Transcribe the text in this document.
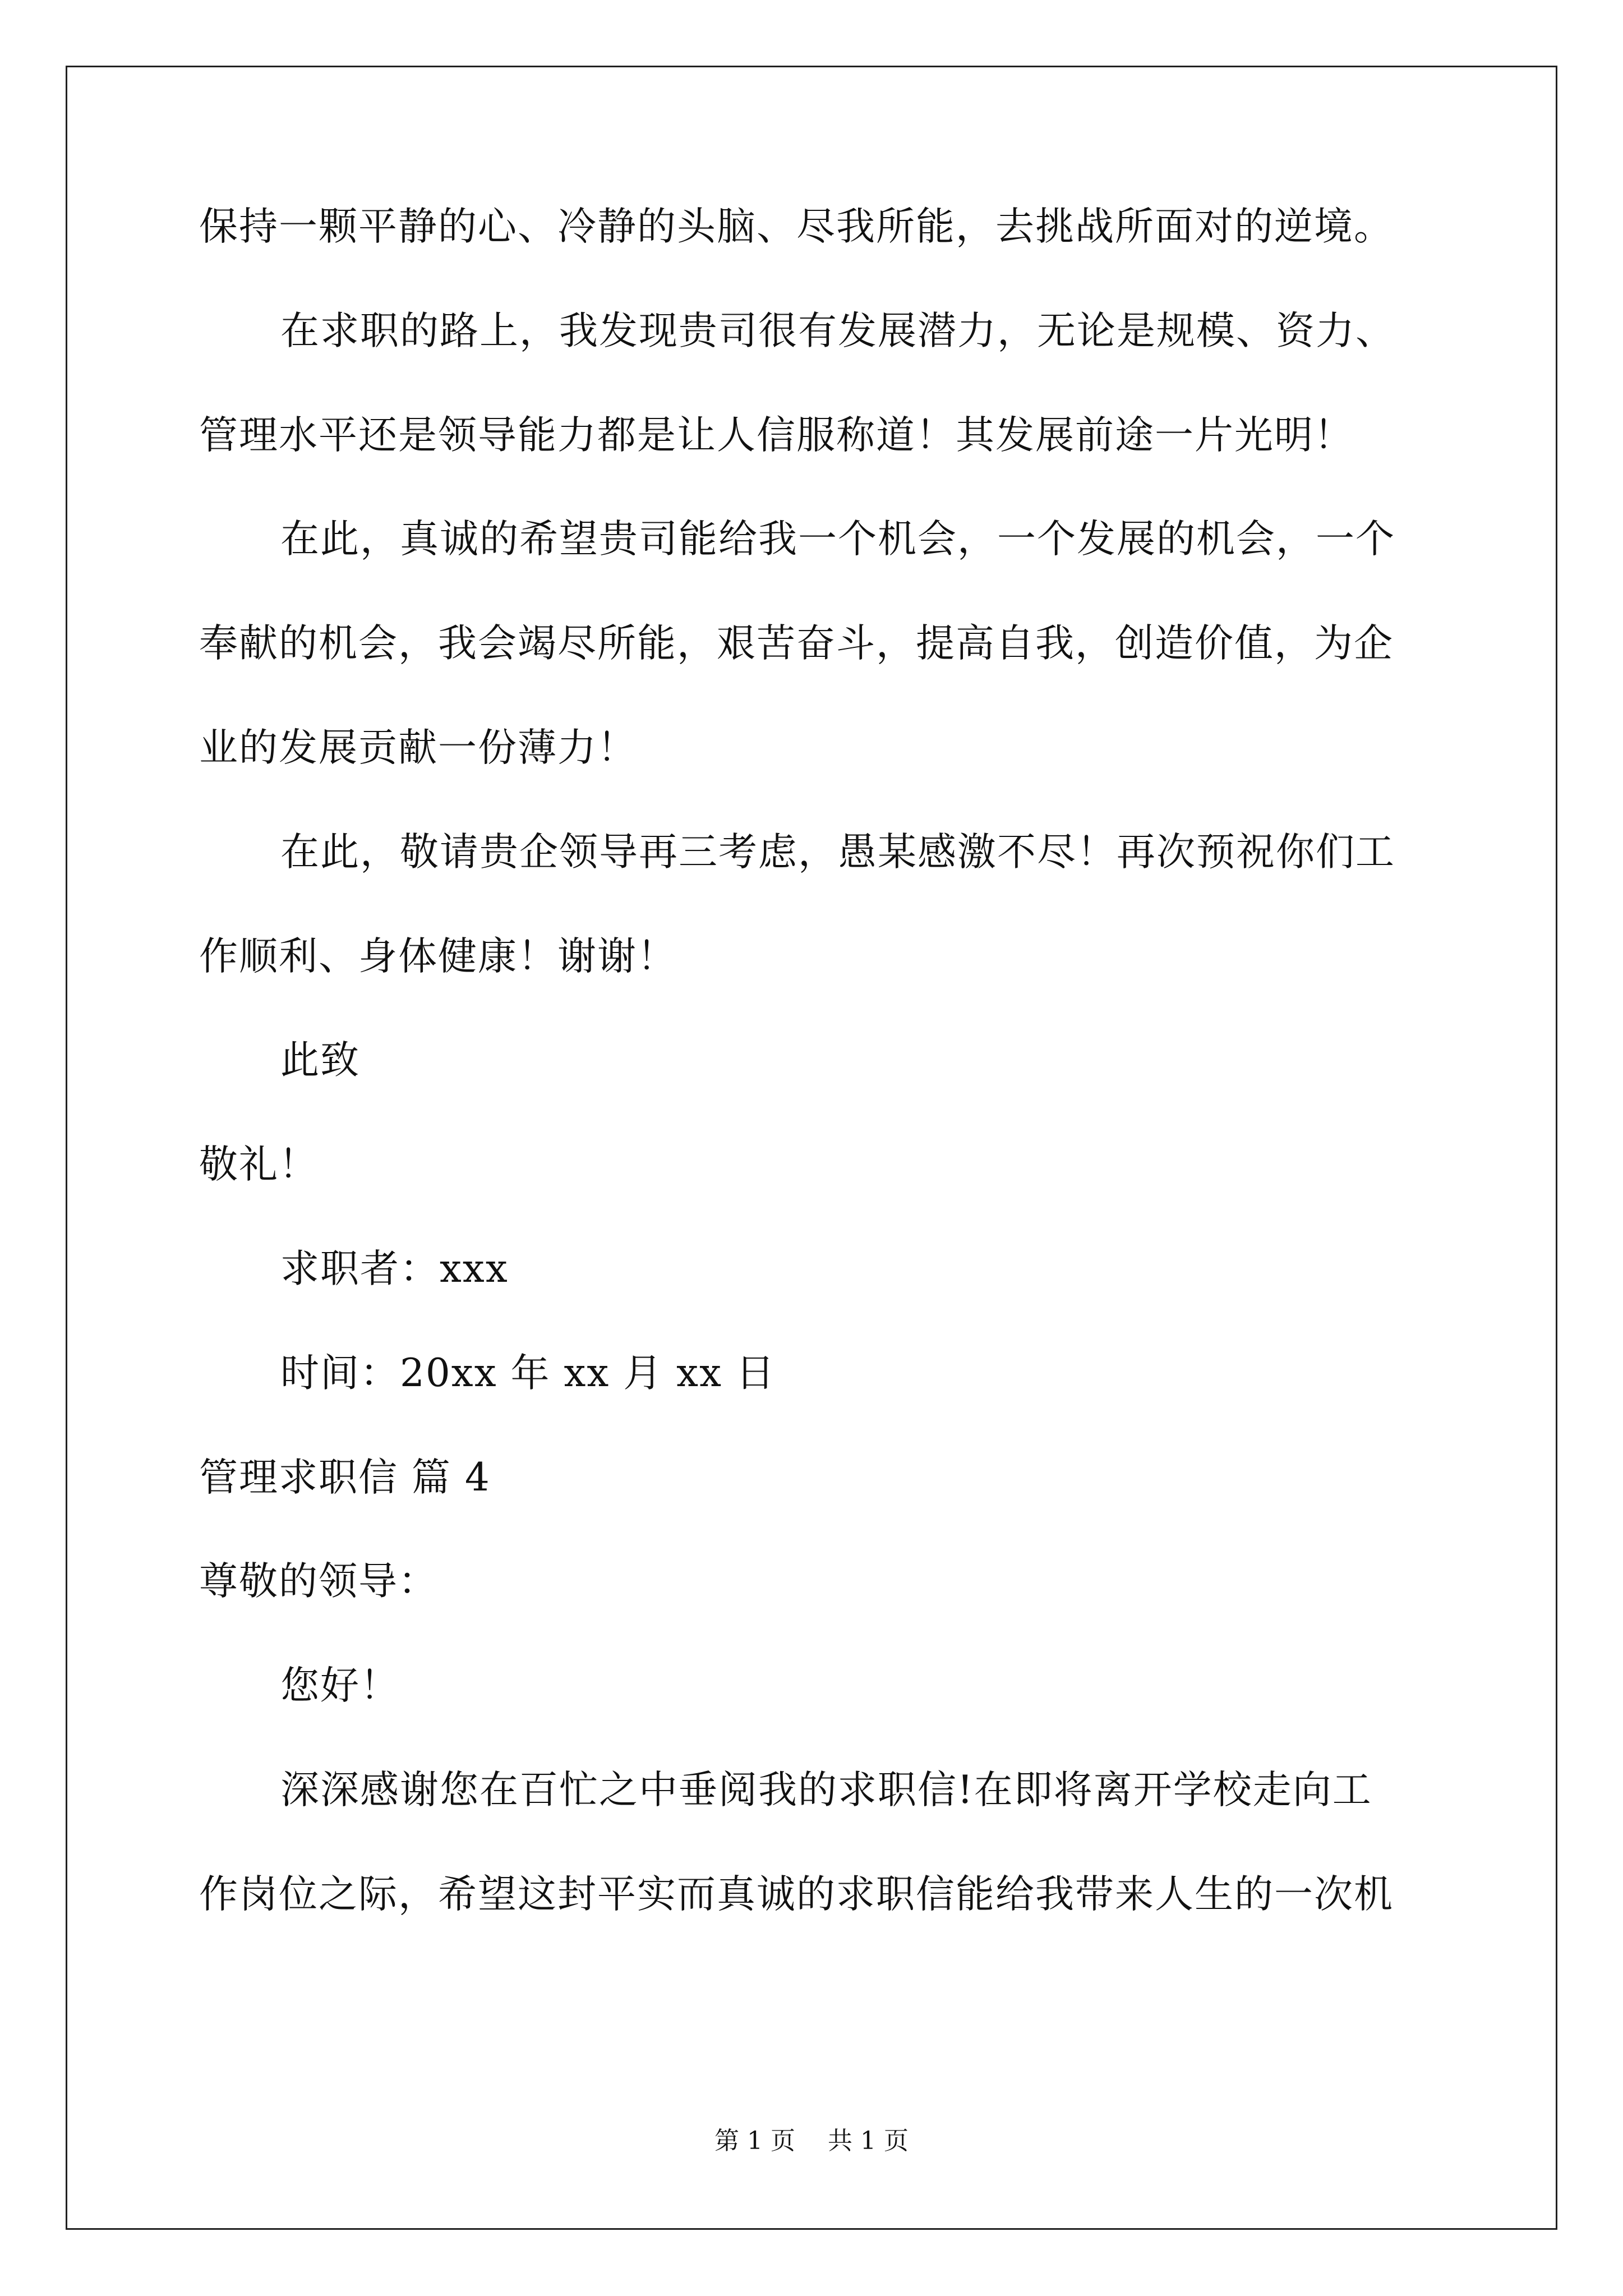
保持一颗平静的心、冷静的头脑、尽我所能，去挑战所面对的逆境。
在求职的路上，我发现贵司很有发展潜力，无论是规模、资力、
管理水平还是领导能力都是让人信服称道！其发展前途一片光明！
在此，真诚的希望贵司能给我一个机会，一个发展的机会，一个
奉献的机会，我会竭尽所能，艰苦奋斗，提高自我，创造价值，为企
业的发展贡献一份薄力！
在此，敬请贵企领导再三考虑，愚某感激不尽！再次预祝你们工
作顺利、身体健康！谢谢！
此致
敬礼！
求职者：xxx
时间：20xx 年 xx 月 xx 日
管理求职信 篇 4
尊敬的领导：
您好！
深深感谢您在百忙之中垂阅我的求职信!在即将离开学校走向工
作岗位之际，希望这封平实而真诚的求职信能给我带来人生的一次机
第 1 页 共 1 页
